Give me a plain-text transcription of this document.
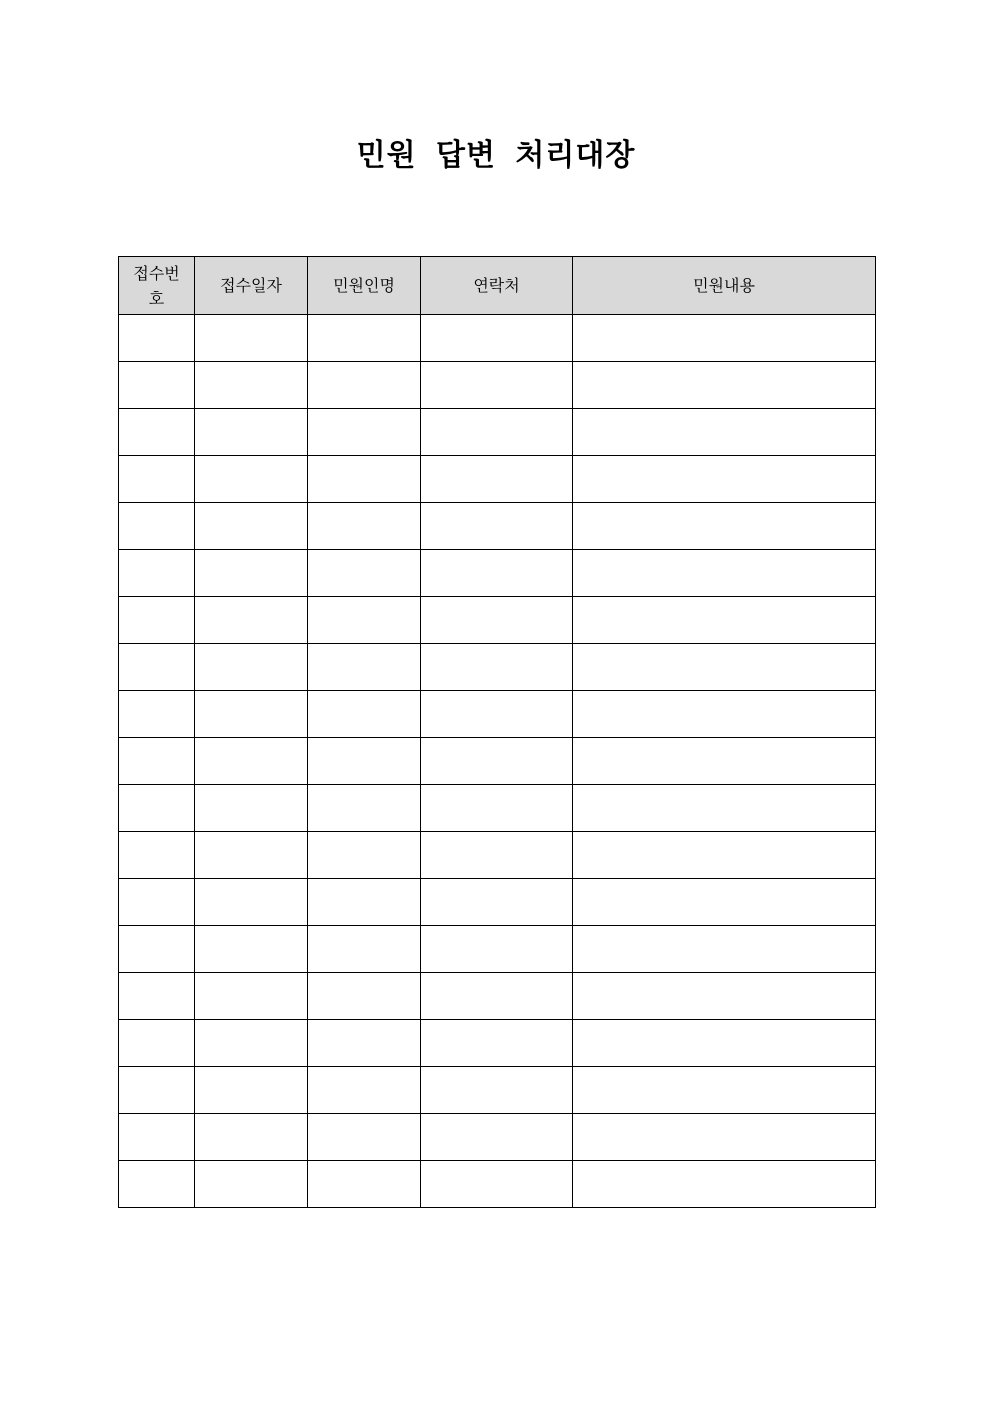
민원 답변 처리대장
접수번
호	접수일자	민원인명	연락처	민원내용
